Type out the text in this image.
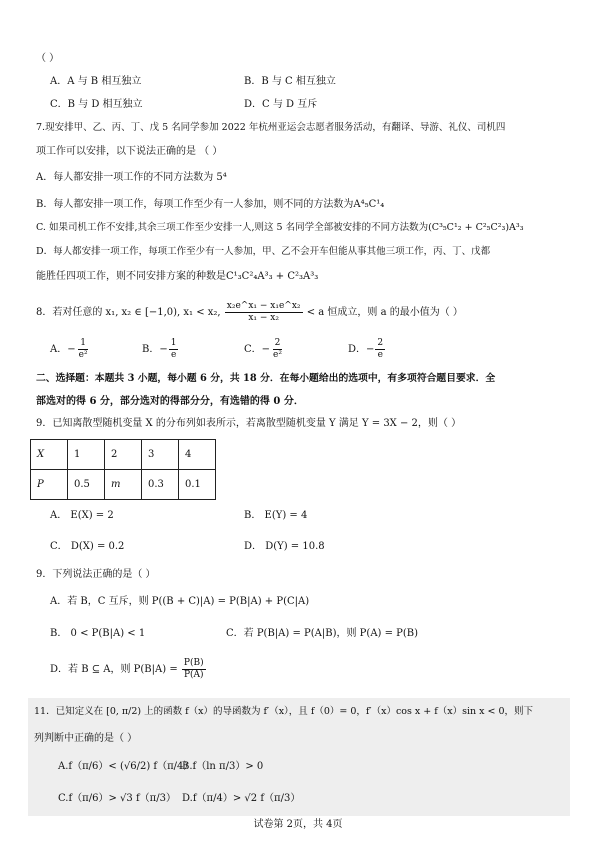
（ ）
A．A 与 B 相互独立	B．B 与 C 相互独立
C．B 与 D 相互独立	D．C 与 D 互斥
7.现安排甲、乙、丙、丁、戊 5 名同学参加 2022 年杭州亚运会志愿者服务活动，有翻译、导游、礼仪、司机四
项工作可以安排，以下说法正确的是 （ ）
A．每人都安排一项工作的不同方法数为 5⁴
B．每人都安排一项工作，每项工作至少有一人参加，则不同的方法数为A⁴₅C¹₄
C. 如果司机工作不安排,其余三项工作至少安排一人,则这 5 名同学全部被安排的不同方法数为(C³₅C¹₂ + C²₅C²₃)A³₃
D．每人都安排一项工作，每项工作至少有一人参加，甲、乙不会开车但能从事其他三项工作，丙、丁、戊都
能胜任四项工作，则不同安排方案的种数是C¹₃C²₄A³₃ + C²₃A³₃
8．若对任意的 x₁, x₂ ∈ [−1,0), x₁ < x₂, $\frac{\text{x₂e\textasciicircum{}x₁ − x₁e\textasciicircum{}x₂}}{\text{x₁ − x₂}} < a$ 恒成立，则 a 的最小值为（ ）
A．− $\frac{1}{\text{e²}}$	B．− $\frac{1}{e}$	C．− $\frac{2}{\text{e²}}$	D．− $\frac{2}{e}$
二、选择题：本题共 3 小题，每小题 6 分，共 18 分．在每小题给出的选项中，有多项符合题目要求．全
部选对的得 6 分，部分选对的得部分分，有选错的得 0 分．
9．已知离散型随机变量 X 的分布列如表所示，若离散型随机变量 Y 满足 Y = 3X − 2，则（ ）
X	1	2	3	4
P	0.5	m	0.3	0.1
A． E(X) = 2	B． E(Y) = 4
C． D(X) = 0.2	D． D(Y) = 10.8
9．下列说法正确的是（ ）
A．若 B，C 互斥，则 P((B + C)|A) = P(B|A) + P(C|A)
B． 0 < P(B|A) < 1	C．若 P(B|A) = P(A|B)，则 P(A) = P(B)
D．若 B ⊆ A，则 $P(B|A) = \frac{P(B)}{P(A)}$
11．已知定义在 [0, π/2) 上的函数 f（x）的导函数为 f′（x），且 f（0）= 0，f′（x）cos x + f（x）sin x < 0，则下
列判断中正确的是（ ）
A.f（π/6）< (√6/2) f（π/4）
B.f（ln π/3）> 0
C.f（π/6）> √3 f（π/3） D.f（π/4）> √2 f（π/3）
试卷第 2页，共 4页
